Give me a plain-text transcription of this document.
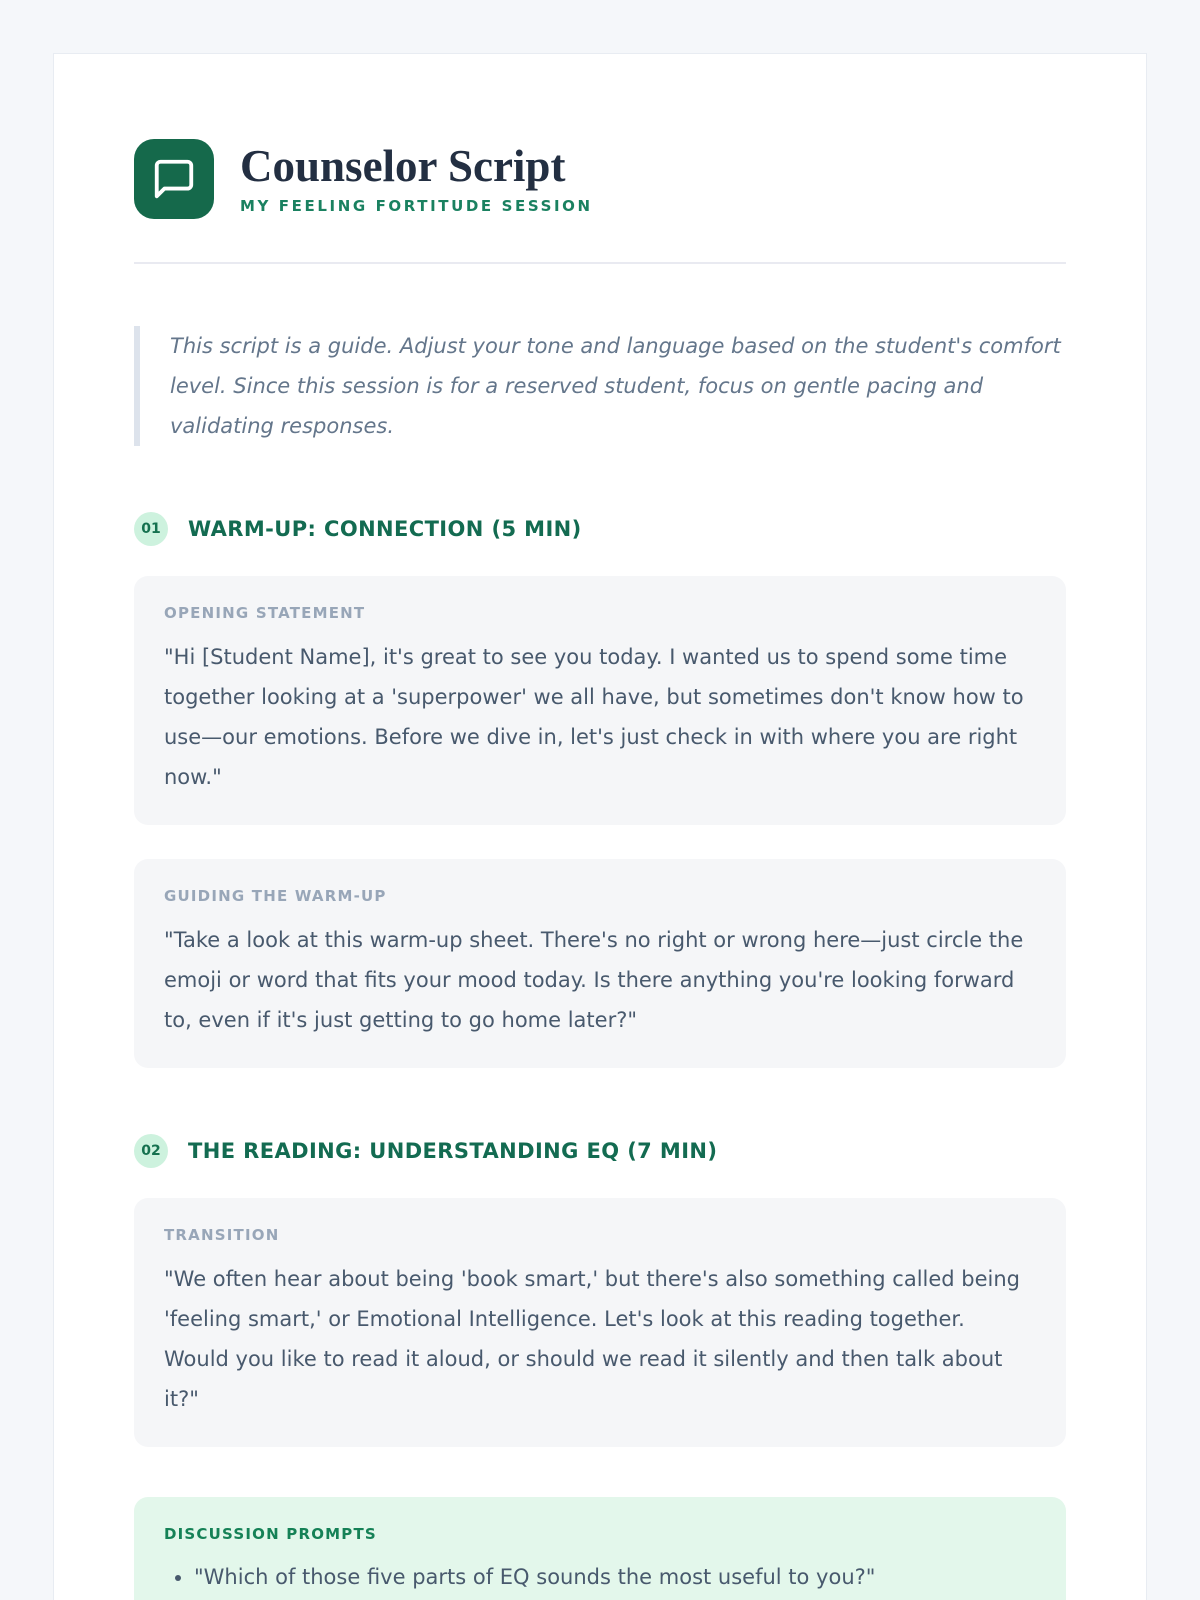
Counselor Script
MY FEELING FORTITUDE SESSION
This script is a guide. Adjust your tone and language based on the student's comfort level. Since this session is for a reserved student, focus on gentle pacing and validating responses.
01	WARM-UP: CONNECTION (5 MIN)
OPENING STATEMENT

"Hi [Student Name], it's great to see you today. I wanted us to spend some time together looking at a 'superpower' we all have, but sometimes don't know how to use—our emotions. Before we dive in, let's just check in with where you are right now."

GUIDING THE WARM-UP

"Take a look at this warm-up sheet. There's no right or wrong here—just circle the emoji or word that fits your mood today. Is there anything you're looking forward to, even if it's just getting to go home later?"

02	THE READING: UNDERSTANDING EQ (7 MIN)
TRANSITION

"We often hear about being 'book smart,' but there's also something called being 'feeling smart,' or Emotional Intelligence. Let's look at this reading together. Would you like to read it aloud, or should we read it silently and then talk about it?"

DISCUSSION PROMPTS
• "Which of those five parts of EQ sounds the most useful to you?"
